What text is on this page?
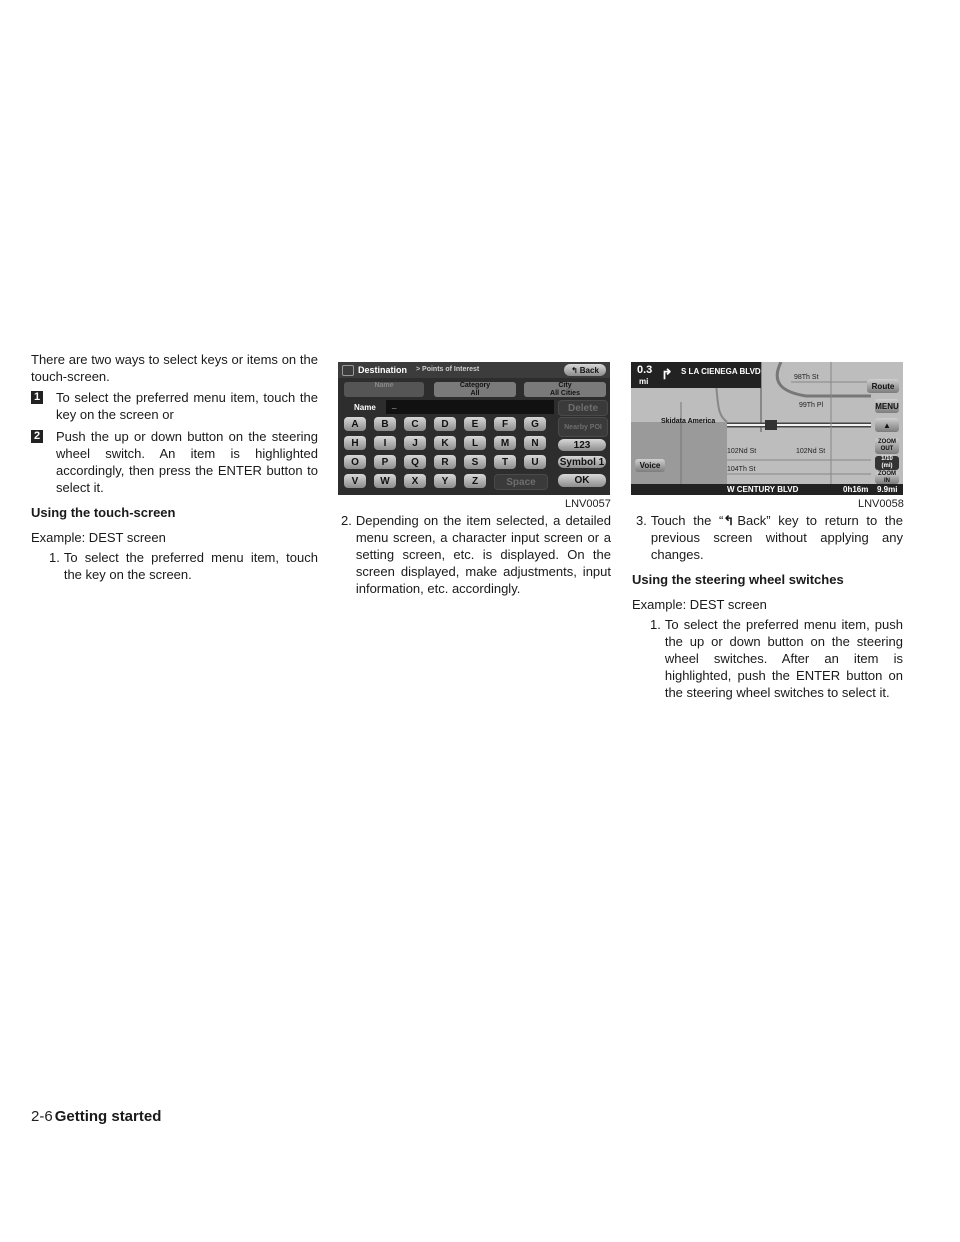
There are two ways to select keys or items on the touch-screen.

1 To select the preferred menu item, touch the key on the screen or
2 Push the up or down button on the steering wheel switch. An item is highlighted accordingly, then press the ENTER button to select it.

Using the touch-screen

Example: DEST screen

1. To select the preferred menu item, touch the key on the screen.
Destination > Points of Interest	↰ Back
Name	Category
All
City
All Cities
Name _	Delete
A B C D E F G
H	I	J K L M N
O P Q R S T U
V W X Y Z	Space
Nearby POI
123
Symbol 1
OK
LNV0057
2. Depending on the item selected, a detailed menu screen, a character input screen or a setting screen, etc. is displayed. On the screen displayed, make adjustments, input information, etc. accordingly.
0.3
mi ↱ S LA CIENEGA BLVD
98Th St
99Th Pl
Skidata America
102Nd St	102Nd St
104Th St
Route
MENU
▲
ZOOM OUT
1/10 (mi)
ZOOM IN
Voice
W CENTURY BLVD	0h16m 9.9mi
LNV0058
3. Touch the “↰ Back” key to return to the previous screen without applying any changes.

Using the steering wheel switches

Example: DEST screen

1. To select the preferred menu item, push the up or down button on the steering wheel switches. After an item is highlighted, push the ENTER button on the steering wheel switches to select it.
2-6 Getting started
